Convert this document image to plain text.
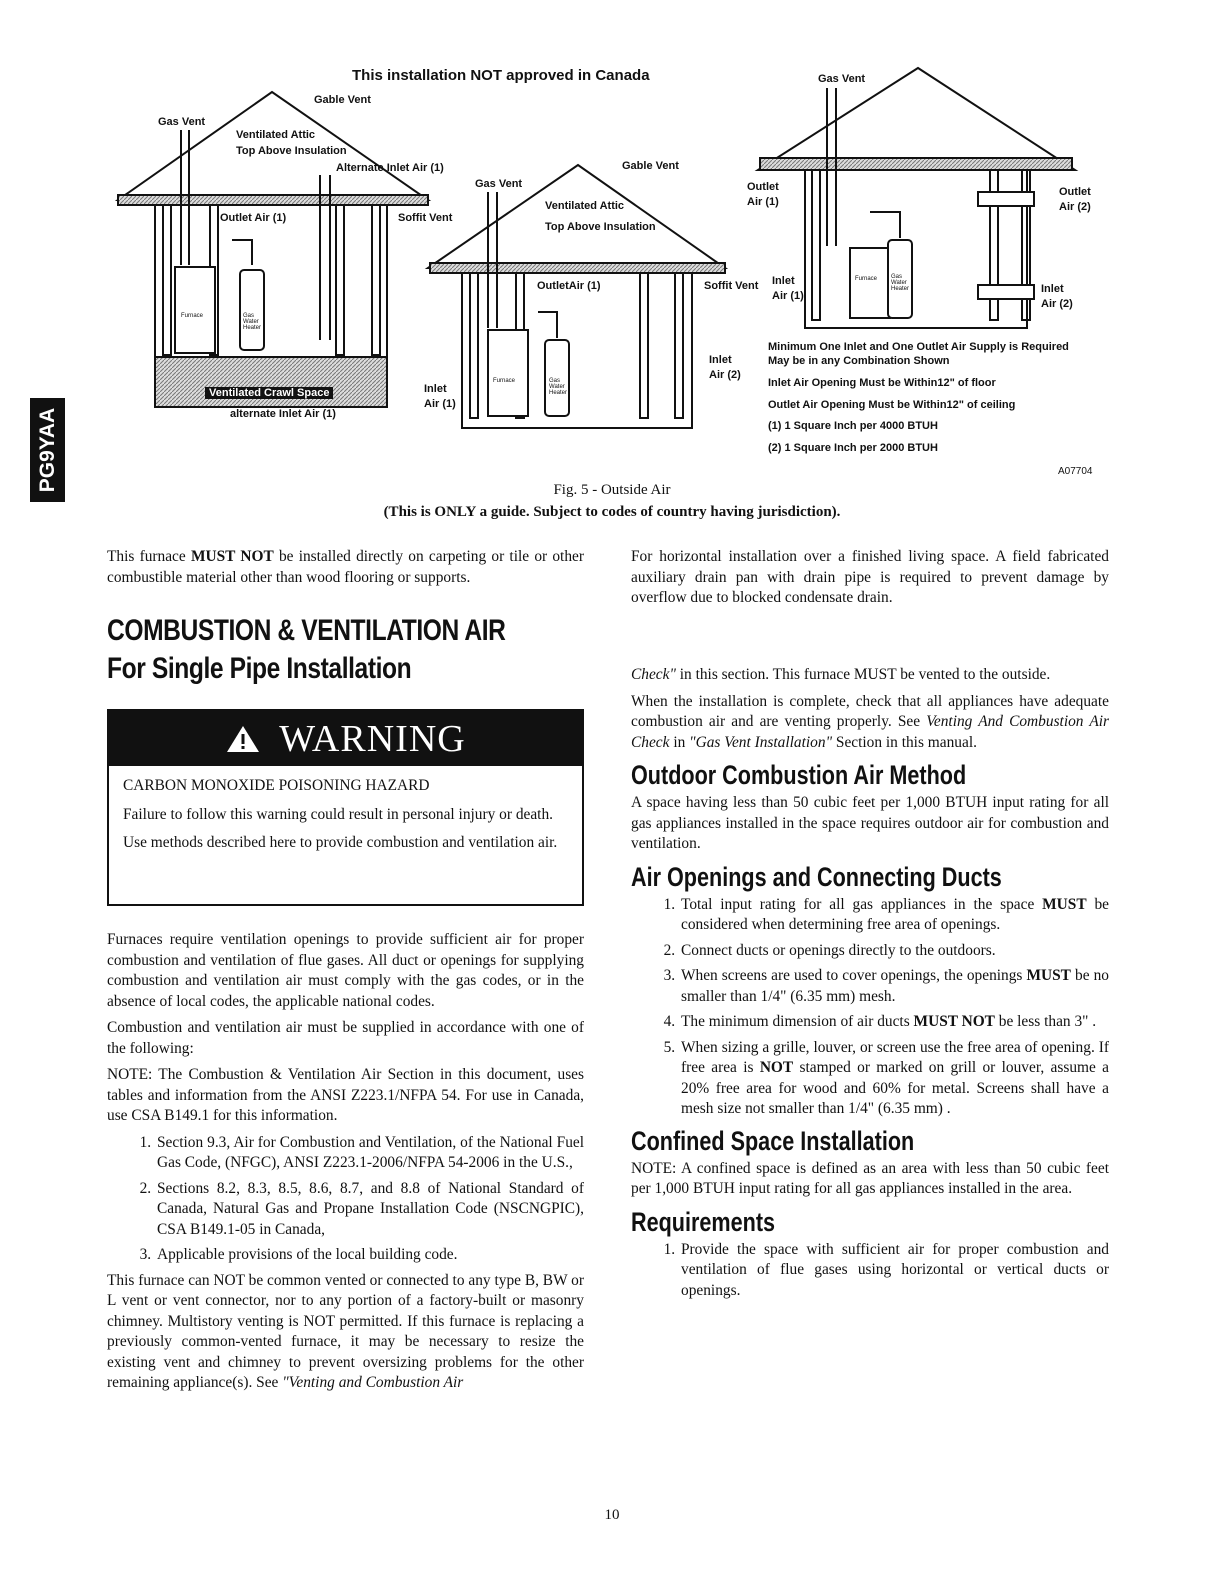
PG9YAA
This installation NOT approved in Canada
Gable Vent
Gas Vent
Ventilated Attic
Top Above Insulation
Alternate Inlet Air (1)
Outlet Air (1)	Soffit Vent
Furnace	Gas Water Heater
Ventilated Crawl Space
alternate Inlet Air (1)
Gas Vent
Gable Vent
Ventilated Attic
Top Above Insulation
OutletAir (1)	Soffit Vent
Inlet
Air (1)
Inlet
Air (2)
Furnace	Gas Water Heater
Gas Vent
Outlet
Air (1)
Outlet
Air (2)
Inlet
Air (1)
Inlet
Air (2)
Furnace Gas Water Heater
Minimum One Inlet and One Outlet Air Supply is Required
May be in any Combination Shown
Inlet Air Opening Must be Within12" of floor
Outlet Air Opening Must be Within12" of ceiling
(1) 1 Square Inch per 4000 BTUH
(2) 1 Square Inch per 2000 BTUH
A07704
Fig. 5 - Outside Air
(This is ONLY a guide. Subject to codes of country having jurisdiction).

This furnace MUST NOT be installed directly on carpeting or tile or other combustible material other than wood flooring or supports.

COMBUSTION & VENTILATION AIR
For Single Pipe Installation
WARNING

CARBON MONOXIDE POISONING HAZARD

Failure to follow this warning could result in personal injury or death.

Use methods described here to provide combustion and ventilation air.

Furnaces require ventilation openings to provide sufficient air for proper combustion and ventilation of flue gases. All duct or openings for supplying combustion and ventilation air must comply with the gas codes, or in the absence of local codes, the applicable national codes.

Combustion and ventilation air must be supplied in accordance with one of the following:

NOTE: The Combustion & Ventilation Air Section in this document, uses tables and information from the ANSI Z223.1/NFPA 54. For use in Canada, use CSA B149.1 for this information.

1. Section 9.3, Air for Combustion and Ventilation, of the National Fuel Gas Code, (NFGC), ANSI Z223.1-2006/NFPA 54-2006 in the U.S.,
2. Sections 8.2, 8.3, 8.5, 8.6, 8.7, and 8.8 of National Standard of Canada, Natural Gas and Propane Installation Code (NSCNGPIC), CSA B149.1-05 in Canada,
3. Applicable provisions of the local building code.

This furnace can NOT be common vented or connected to any type B, BW or L vent or vent connector, nor to any portion of a factory-built or masonry chimney. Multistory venting is NOT permitted. If this furnace is replacing a previously common-vented furnace, it may be necessary to resize the existing vent and chimney to prevent oversizing problems for the other remaining appliance(s). See "Venting and Combustion Air

For horizontal installation over a finished living space. A field fabricated auxiliary drain pan with drain pipe is required to prevent damage by overflow due to blocked condensate drain.

Check" in this section. This furnace MUST be vented to the outside.

When the installation is complete, check that all appliances have adequate combustion air and are venting properly. See Venting And Combustion Air Check in "Gas Vent Installation" Section in this manual.

Outdoor Combustion Air Method

A space having less than 50 cubic feet per 1,000 BTUH input rating for all gas appliances installed in the space requires outdoor air for combustion and ventilation.

Air Openings and Connecting Ducts
1. Total input rating for all gas appliances in the space MUST be considered when determining free area of openings.
2. Connect ducts or openings directly to the outdoors.
3. When screens are used to cover openings, the openings MUST be no smaller than 1/4" (6.35 mm) mesh.
4. The minimum dimension of air ducts MUST NOT be less than 3" .
5. When sizing a grille, louver, or screen use the free area of opening. If free area is NOT stamped or marked on grill or louver, assume a 20% free area for wood and 60% for metal. Screens shall have a mesh size not smaller than 1/4" (6.35 mm) .
Confined Space Installation

NOTE: A confined space is defined as an area with less than 50 cubic feet per 1,000 BTUH input rating for all gas appliances installed in the area.

Requirements
1. Provide the space with sufficient air for proper combustion and ventilation of flue gases using horizontal or vertical ducts or openings.
10
